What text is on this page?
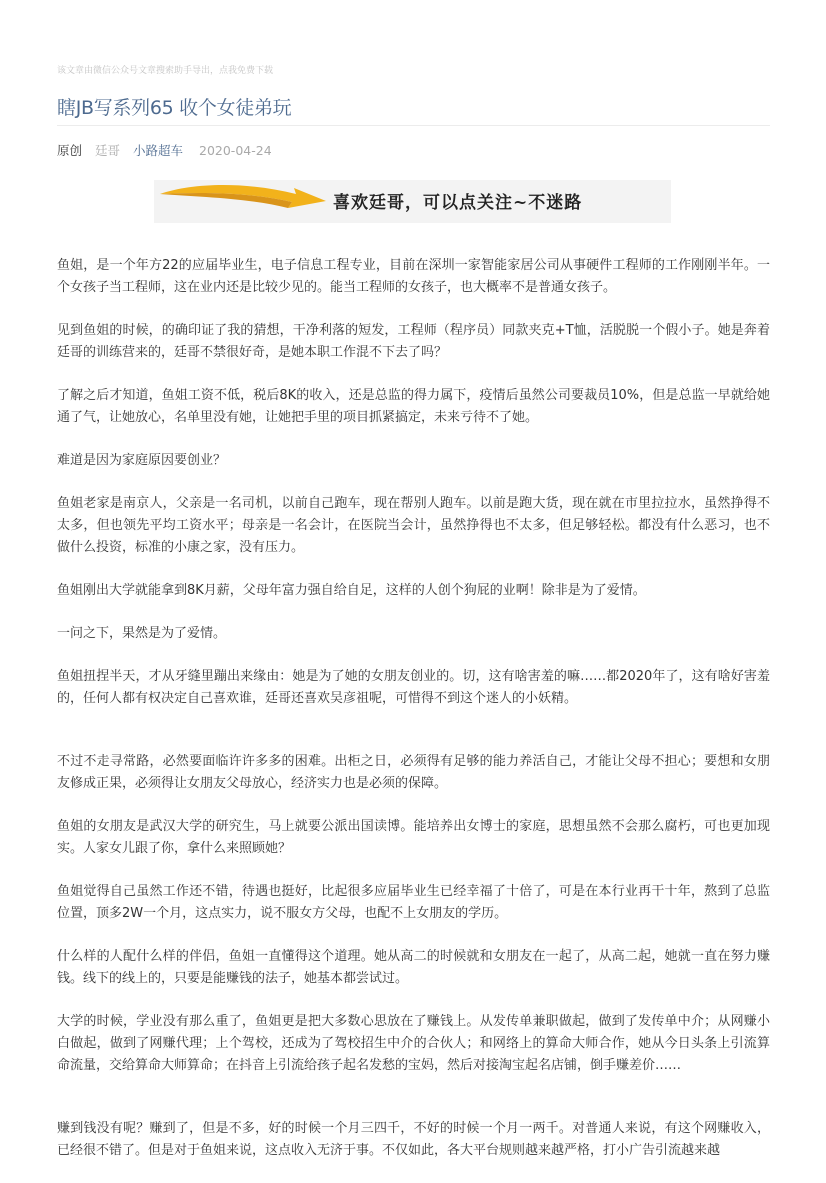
该文章由微信公众号文章搜索助手导出，点我免费下载
瞎JB写系列65 收个女徒弟玩
原创 廷哥 小路超车 2020-04-24
喜欢廷哥，可以点关注~不迷路

鱼姐，是一个年方22的应届毕业生，电子信息工程专业，目前在深圳一家智能家居公司从事硬件工程师的工作刚刚半年。一个女孩子当工程师，这在业内还是比较少见的。能当工程师的女孩子，也大概率不是普通女孩子。

见到鱼姐的时候，的确印证了我的猜想，干净利落的短发，工程师（程序员）同款夹克+T恤，活脱脱一个假小子。她是奔着廷哥的训练营来的，廷哥不禁很好奇，是她本职工作混不下去了吗？

了解之后才知道，鱼姐工资不低，税后8K的收入，还是总监的得力属下，疫情后虽然公司要裁员10%，但是总监一早就给她通了气，让她放心，名单里没有她，让她把手里的项目抓紧搞定，未来亏待不了她。

难道是因为家庭原因要创业？

鱼姐老家是南京人，父亲是一名司机，以前自己跑车，现在帮别人跑车。以前是跑大货，现在就在市里拉拉水，虽然挣得不太多，但也领先平均工资水平；母亲是一名会计，在医院当会计，虽然挣得也不太多，但足够轻松。都没有什么恶习，也不做什么投资，标准的小康之家，没有压力。

鱼姐刚出大学就能拿到8K月薪，父母年富力强自给自足，这样的人创个狗屁的业啊！除非是为了爱情。

一问之下，果然是为了爱情。

鱼姐扭捏半天，才从牙缝里蹦出来缘由：她是为了她的女朋友创业的。切，这有啥害羞的嘛……都2020年了，这有啥好害羞的，任何人都有权决定自己喜欢谁，廷哥还喜欢吴彦祖呢，可惜得不到这个迷人的小妖精。

不过不走寻常路，必然要面临许许多多的困难。出柜之日，必须得有足够的能力养活自己，才能让父母不担心；要想和女朋友修成正果，必须得让女朋友父母放心，经济实力也是必须的保障。

鱼姐的女朋友是武汉大学的研究生，马上就要公派出国读博。能培养出女博士的家庭，思想虽然不会那么腐朽，可也更加现实。人家女儿跟了你，拿什么来照顾她？

鱼姐觉得自己虽然工作还不错，待遇也挺好，比起很多应届毕业生已经幸福了十倍了，可是在本行业再干十年，熬到了总监位置，顶多2W一个月，这点实力，说不服女方父母，也配不上女朋友的学历。

什么样的人配什么样的伴侣，鱼姐一直懂得这个道理。她从高二的时候就和女朋友在一起了，从高二起，她就一直在努力赚钱。线下的线上的，只要是能赚钱的法子，她基本都尝试过。

大学的时候，学业没有那么重了，鱼姐更是把大多数心思放在了赚钱上。从发传单兼职做起，做到了发传单中介；从网赚小白做起，做到了网赚代理；上个驾校，还成为了驾校招生中介的合伙人；和网络上的算命大师合作，她从今日头条上引流算命流量，交给算命大师算命；在抖音上引流给孩子起名发愁的宝妈，然后对接淘宝起名店铺，倒手赚差价……

赚到钱没有呢？赚到了，但是不多，好的时候一个月三四千，不好的时候一个月一两千。对普通人来说，有这个网赚收入，已经很不错了。但是对于鱼姐来说，这点收入无济于事。不仅如此，各大平台规则越来越严格，打小广告引流越来越
